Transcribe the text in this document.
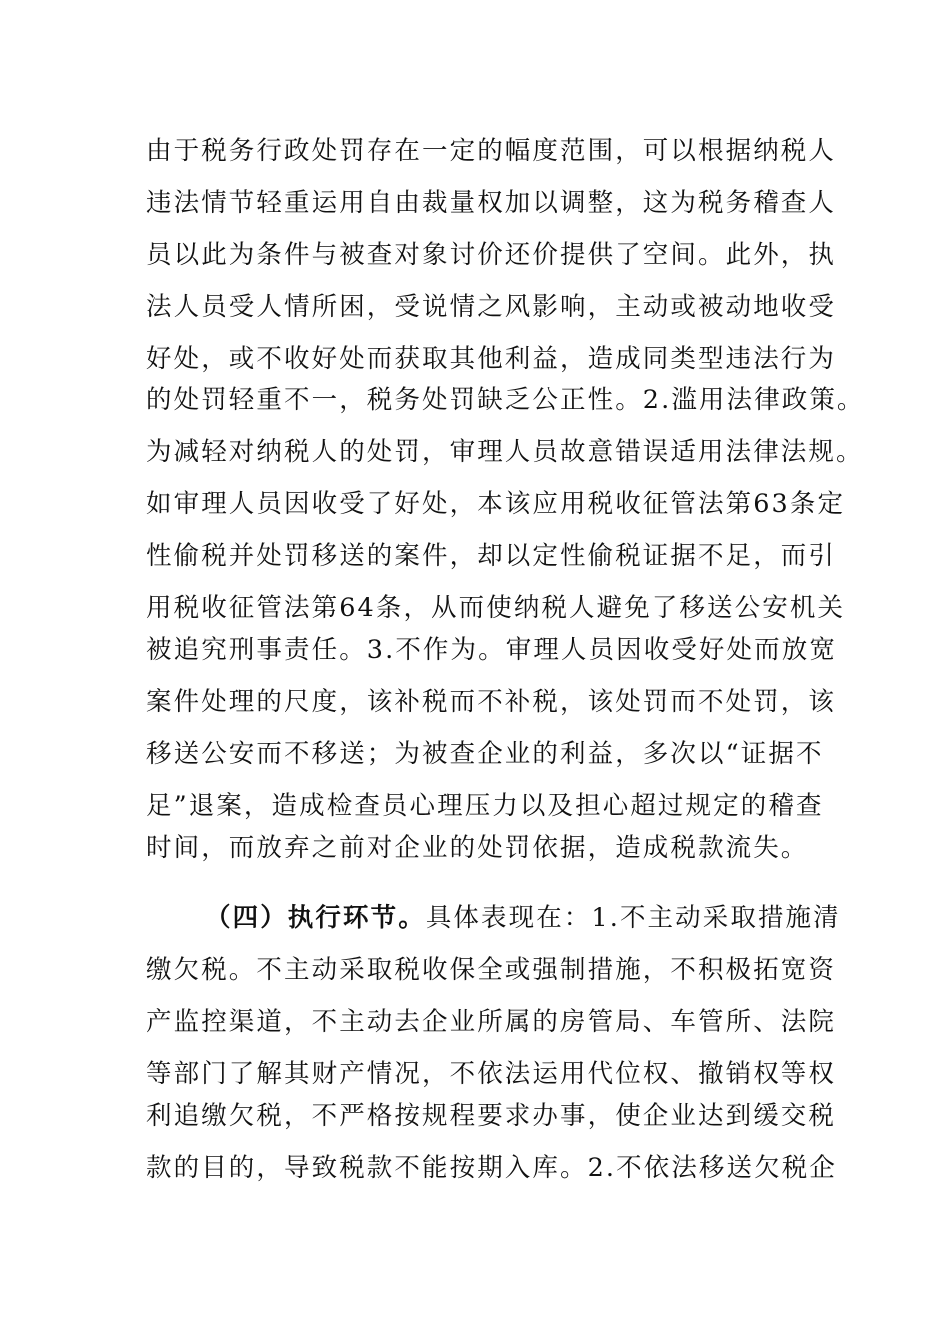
由于税务行政处罚存在一定的幅度范围，可以根据纳税人
违法情节轻重运用自由裁量权加以调整，这为税务稽查人
员以此为条件与被查对象讨价还价提供了空间。此外，执
法人员受人情所困，受说情之风影响，主动或被动地收受
好处，或不收好处而获取其他利益，造成同类型违法行为
的处罚轻重不一，税务处罚缺乏公正性。2.滥用法律政策。
为减轻对纳税人的处罚，审理人员故意错误适用法律法规。
如审理人员因收受了好处，本该应用税收征管法第63条定
性偷税并处罚移送的案件，却以定性偷税证据不足，而引
用税收征管法第64条，从而使纳税人避免了移送公安机关
被追究刑事责任。3.不作为。审理人员因收受好处而放宽
案件处理的尺度，该补税而不补税，该处罚而不处罚，该
移送公安而不移送；为被查企业的利益，多次以“证据不
足”退案，造成检查员心理压力以及担心超过规定的稽查
时间，而放弃之前对企业的处罚依据，造成税款流失。
（四）执行环节。具体表现在：1.不主动采取措施清
缴欠税。不主动采取税收保全或强制措施，不积极拓宽资
产监控渠道，不主动去企业所属的房管局、车管所、法院
等部门了解其财产情况，不依法运用代位权、撤销权等权
利追缴欠税，不严格按规程要求办事，使企业达到缓交税
款的目的，导致税款不能按期入库。2.不依法移送欠税企
